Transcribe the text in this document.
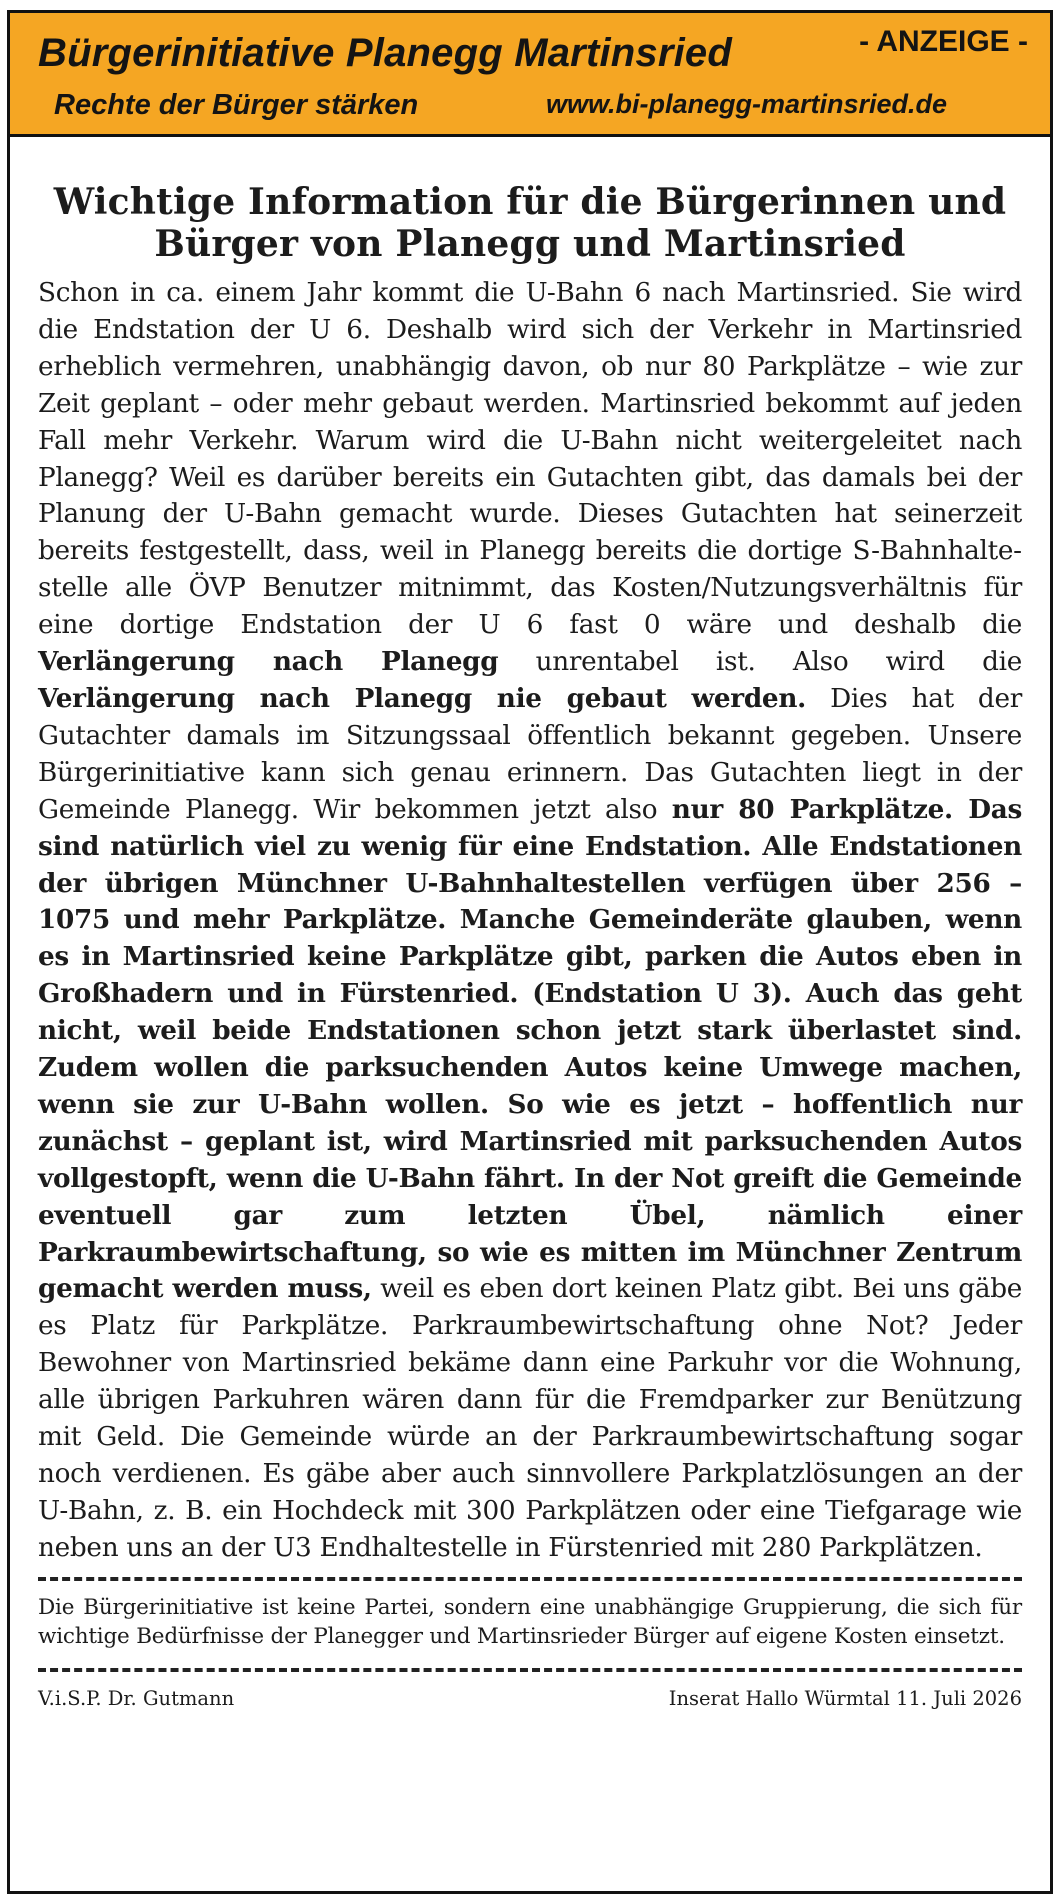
Bürgerinitiative Planegg Martinsried	- ANZEIGE -
Rechte der Bürger stärken	www.bi-planegg-martinsried.de
Wichtige Information für die Bürgerinnen und
Bürger von Planegg und Martinsried

Schon in ca. einem Jahr kommt die U-Bahn 6 nach Martinsried. Sie wird die Endstation der U 6. Deshalb wird sich der Verkehr in Martinsried erheblich vermehren, unabhängig davon, ob nur 80 Parkplätze – wie zur Zeit geplant – oder mehr gebaut werden. Martinsried bekommt auf jeden Fall mehr Verkehr. Warum wird die U-Bahn nicht weitergeleitet nach Planegg? Weil es darüber bereits ein Gutachten gibt, das damals bei der Planung der U-Bahn gemacht wurde. Dieses Gutachten hat seinerzeit bereits festgestellt, dass, weil in Planegg bereits die dortige S-Bahnhaltestelle alle ÖVP Benutzer mitnimmt, das Kosten/Nutzungsverhältnis für eine dortige Endstation der U 6 fast 0 wäre und deshalb die Verlängerung nach Planegg unrentabel ist. Also wird die Verlängerung nach Planegg nie gebaut werden. Dies hat der Gutachter damals im Sitzungssaal öffentlich bekannt gegeben. Unsere Bürgerinitiative kann sich genau erinnern. Das Gutachten liegt in der Gemeinde Planegg. Wir bekommen jetzt also nur 80 Parkplätze. Das sind natürlich viel zu wenig für eine Endstation. Alle Endstationen der übrigen Münchner U-Bahnhaltestellen verfügen über 256 – 1075 und mehr Parkplätze. Manche Gemeinderäte glauben, wenn es in Martinsried keine Parkplätze gibt, parken die Autos eben in Großhadern und in Fürstenried. (Endstation U 3). Auch das geht nicht, weil beide Endstationen schon jetzt stark überlastet sind. Zudem wollen die parksuchenden Autos keine Umwege machen, wenn sie zur U-Bahn wollen. So wie es jetzt – hoffentlich nur zunächst – geplant ist, wird Martinsried mit parksuchenden Autos vollgestopft, wenn die U-Bahn fährt. In der Not greift die Gemeinde eventuell gar zum letzten Übel, nämlich einer Parkraumbewirtschaftung, so wie es mitten im Münchner Zentrum gemacht werden muss, weil es eben dort keinen Platz gibt. Bei uns gäbe es Platz für Parkplätze. Parkraumbewirtschaftung ohne Not? Jeder Bewohner von Martinsried bekäme dann eine Parkuhr vor die Wohnung, alle übrigen Parkuhren wären dann für die Fremdparker zur Benützung mit Geld. Die Gemeinde würde an der Parkraumbewirtschaftung sogar noch verdienen. Es gäbe aber auch sinnvollere Parkplatzlösungen an der U-Bahn, z. B. ein Hochdeck mit 300 Parkplätzen oder eine Tiefgarage wie neben uns an der U3 Endhaltestelle in Fürstenried mit 280 Parkplätzen.

Die Bürgerinitiative ist keine Partei, sondern eine unabhängige Gruppierung, die sich für wichtige Bedürfnisse der Planegger und Martinsrieder Bürger auf eigene Kosten einsetzt.

V.i.S.P. Dr. Gutmann	Inserat Hallo Würmtal 11. Juli 2026
